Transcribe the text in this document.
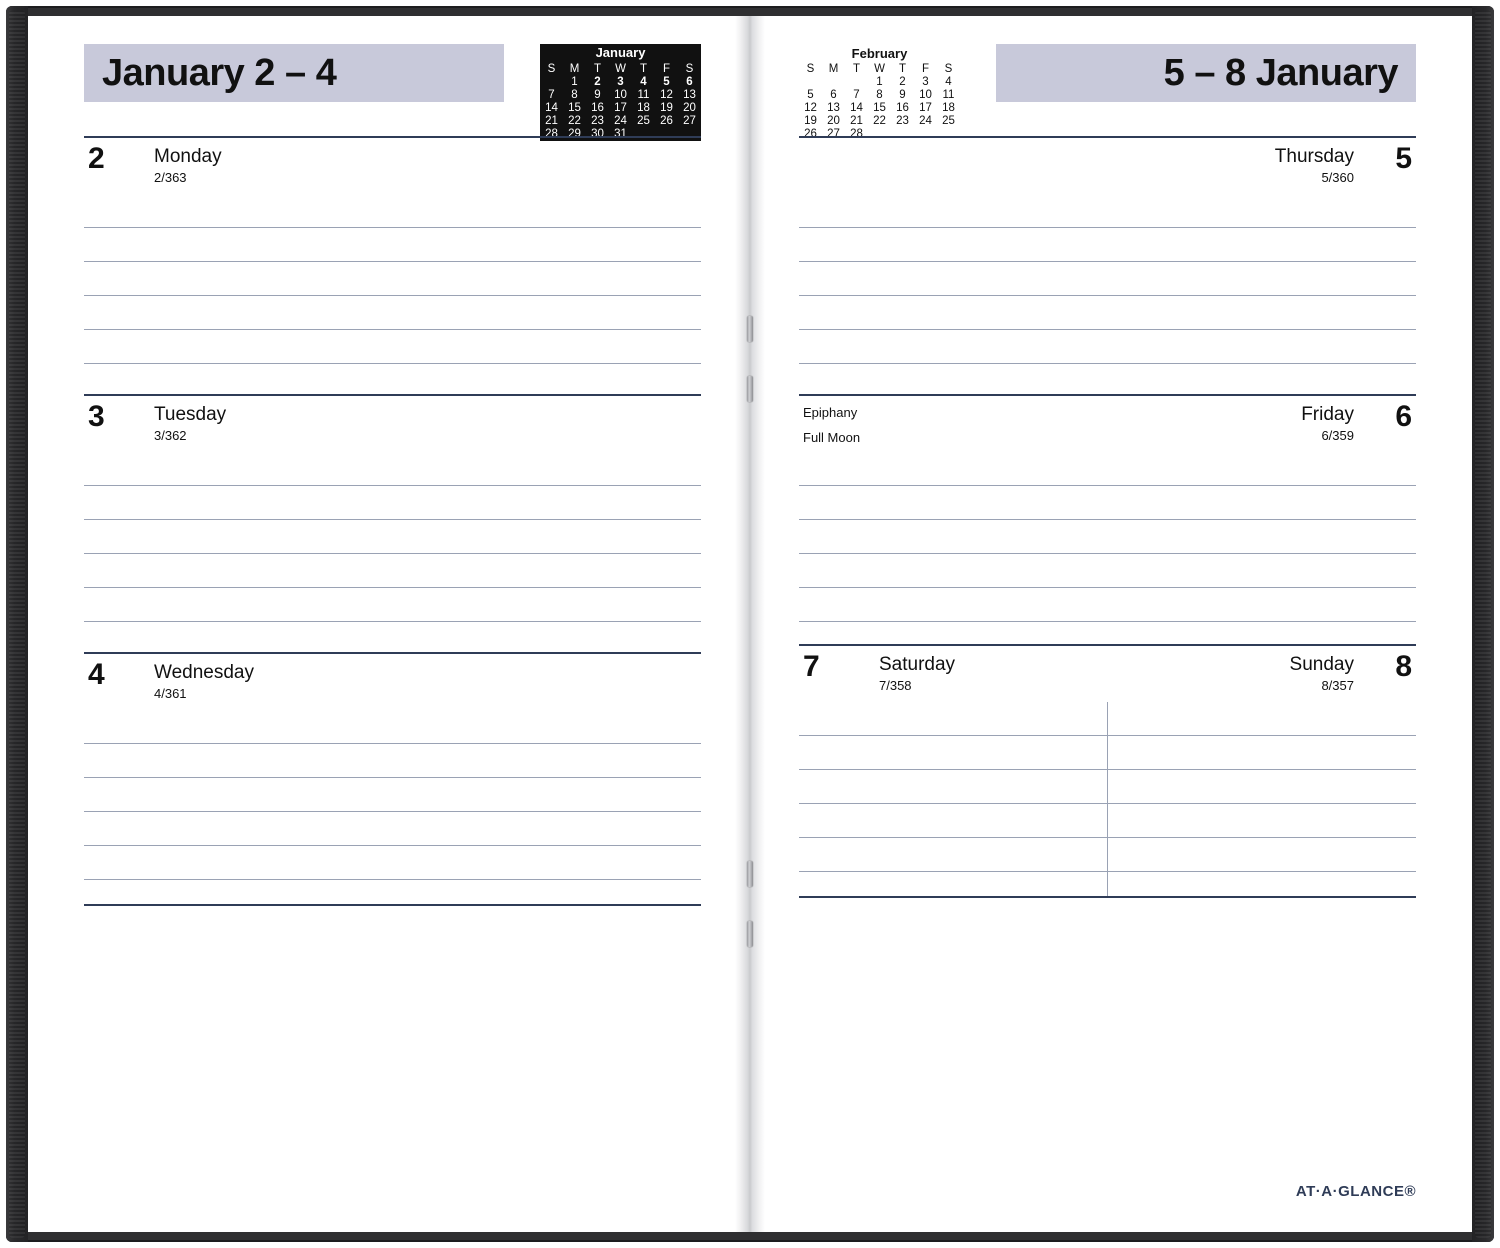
January 2 – 4	January
S	M	T	W	T	F	S
	1	2	3	4	5	6
7	8	9	10	11	12	13
14	15	16	17	18	19	20
21	22	23	24	25	26	27
28	29	30	31			
2	Monday
2/363
3	Tuesday
3/362
4	Wednesday
4/361
February
S	M	T	W	T	F	S
			1	2	3	4
5	6	7	8	9	10	11
12	13	14	15	16	17	18
19	20	21	22	23	24	25
26	27	28				
5 – 8 January
5
Thursday
5/360
Epiphany
Full Moon
6
Friday
6/359
7	Saturday
7/358
8
Sunday
8/357
AT·A·GLANCE®
